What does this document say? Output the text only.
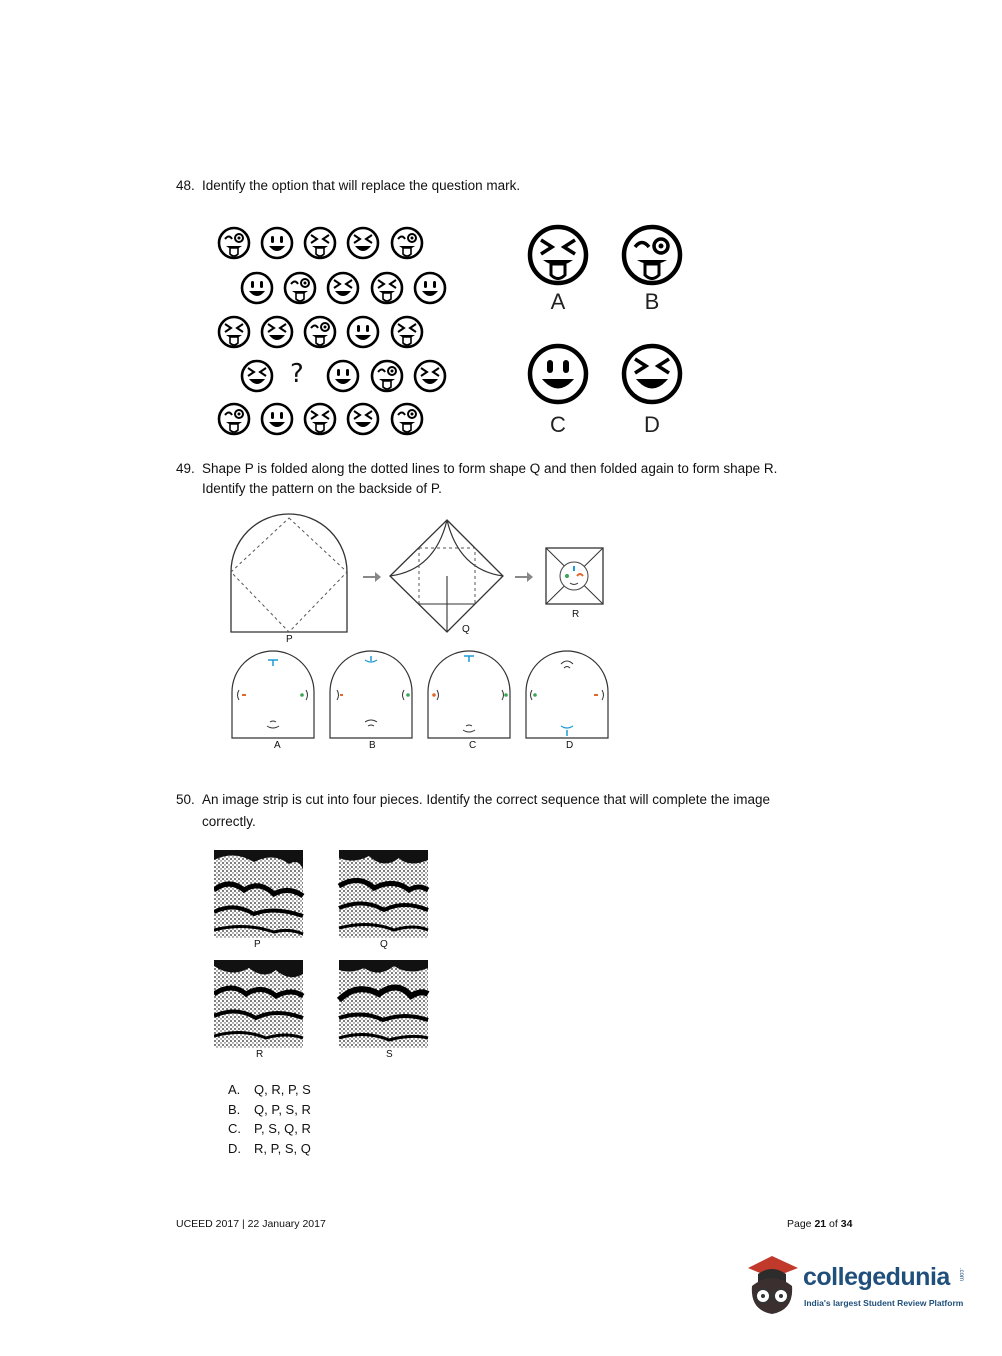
48. Identify the option that will replace the question mark.
?
A	B
C	D
49. Shape P is folded along the dotted lines to form shape Q and then folded again to form shape R.
Identify the pattern on the backside of P.
P
Q
R
A	B	C	D
50. An image strip is cut into four pieces. Identify the correct sequence that will complete the image
correctly.
P	Q
R	S
A. Q, R, P, S
B. Q, P, S, R
C. P, S, Q, R
D. R, P, S, Q
UCEED 2017 | 22 January 2017	Page 21 of 34
collegedunia .com
India's largest Student Review Platform
